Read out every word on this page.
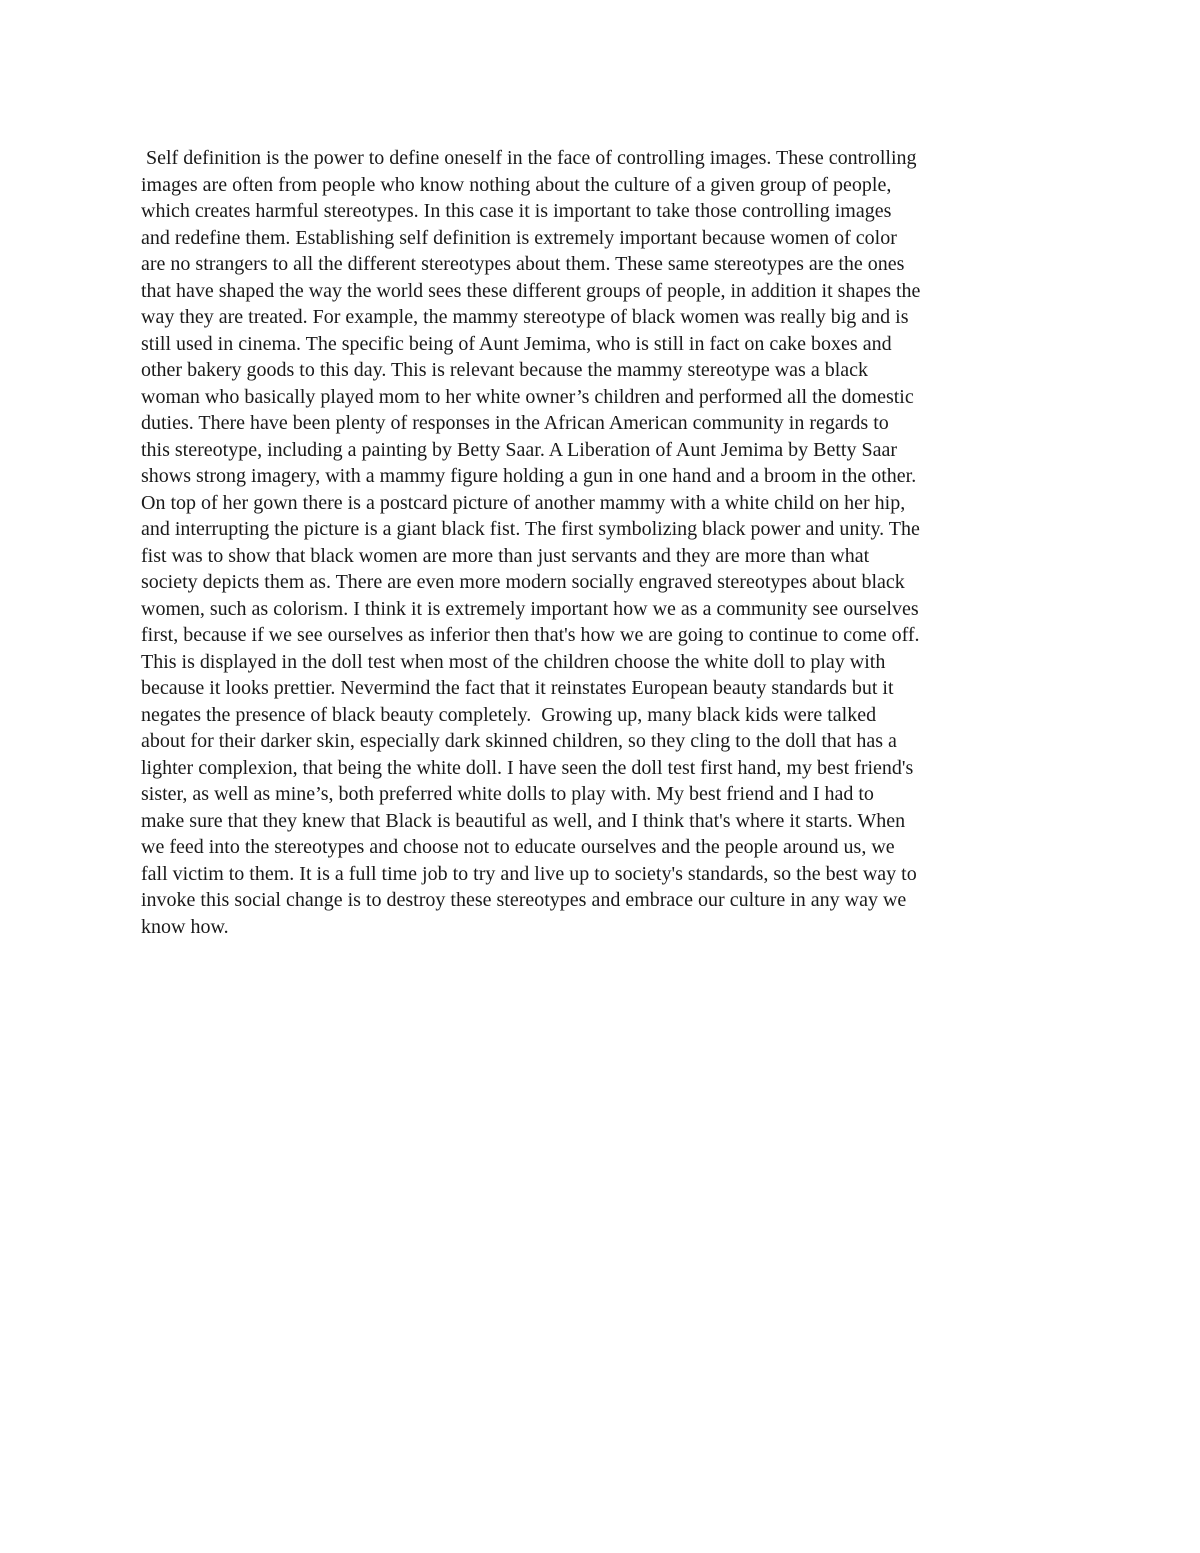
Self definition is the power to define oneself in the face of controlling images. These controlling
images are often from people who know nothing about the culture of a given group of people,
which creates harmful stereotypes. In this case it is important to take those controlling images
and redefine them. Establishing self definition is extremely important because women of color
are no strangers to all the different stereotypes about them. These same stereotypes are the ones
that have shaped the way the world sees these different groups of people, in addition it shapes the
way they are treated. For example, the mammy stereotype of black women was really big and is
still used in cinema. The specific being of Aunt Jemima, who is still in fact on cake boxes and
other bakery goods to this day. This is relevant because the mammy stereotype was a black
woman who basically played mom to her white owner’s children and performed all the domestic
duties. There have been plenty of responses in the African American community in regards to
this stereotype, including a painting by Betty Saar. A Liberation of Aunt Jemima by Betty Saar
shows strong imagery, with a mammy figure holding a gun in one hand and a broom in the other.
On top of her gown there is a postcard picture of another mammy with a white child on her hip,
and interrupting the picture is a giant black fist. The first symbolizing black power and unity. The
fist was to show that black women are more than just servants and they are more than what
society depicts them as. There are even more modern socially engraved stereotypes about black
women, such as colorism. I think it is extremely important how we as a community see ourselves
first, because if we see ourselves as inferior then that's how we are going to continue to come off.
This is displayed in the doll test when most of the children choose the white doll to play with
because it looks prettier. Nevermind the fact that it reinstates European beauty standards but it
negates the presence of black beauty completely.  Growing up, many black kids were talked
about for their darker skin, especially dark skinned children, so they cling to the doll that has a
lighter complexion, that being the white doll. I have seen the doll test first hand, my best friend's
sister, as well as mine’s, both preferred white dolls to play with. My best friend and I had to
make sure that they knew that Black is beautiful as well, and I think that's where it starts. When
we feed into the stereotypes and choose not to educate ourselves and the people around us, we
fall victim to them. It is a full time job to try and live up to society's standards, so the best way to
invoke this social change is to destroy these stereotypes and embrace our culture in any way we
know how.
